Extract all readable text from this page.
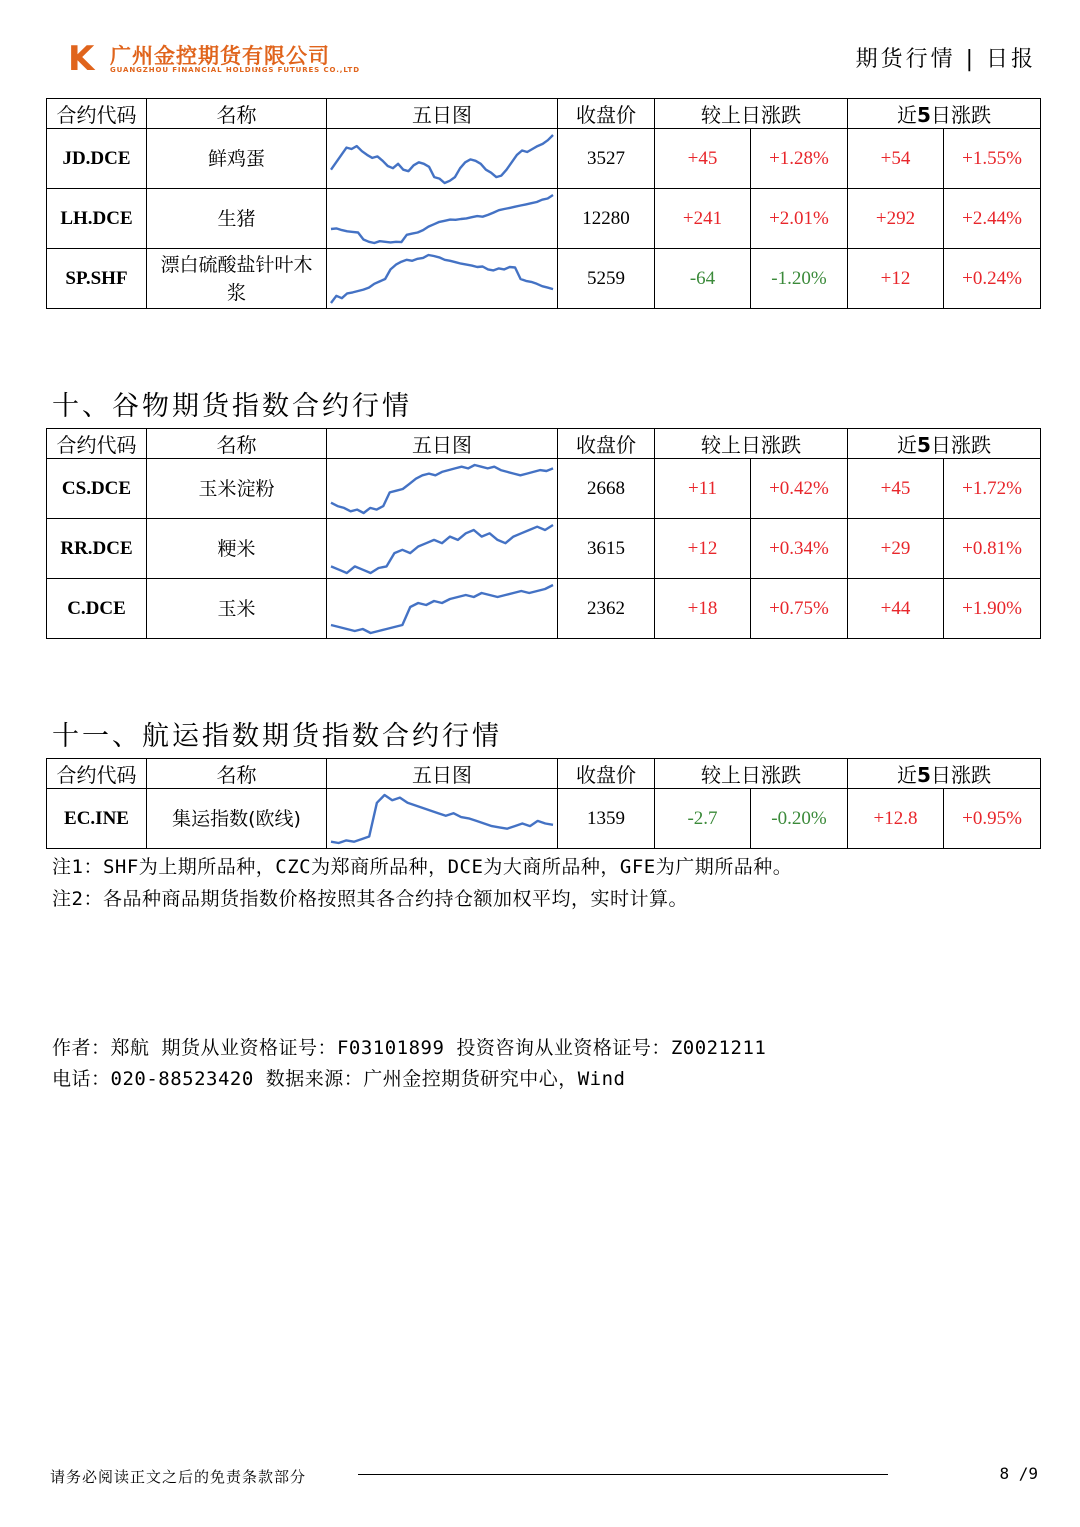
K 广州金控期货有限公司
GUANGZHOU FINANCIAL HOLDINGS FUTURES CO.,LTD	期货行情 | 日报
合约代码	名称	五日图	收盘价	较上日涨跌		近5日涨跌	
JD.DCE	鲜鸡蛋		3527	+45	+1.28%	+54	+1.55%
LH.DCE	生猪		12280	+241	+2.01%	+292	+2.44%
SP.SHF	漂白硫酸盐针叶木浆		5259	-64	-1.20%	+12	+0.24%
十、谷物期货指数合约行情
合约代码	名称	五日图	收盘价	较上日涨跌		近5日涨跌	
CS.DCE	玉米淀粉		2668	+11	+0.42%	+45	+1.72%
RR.DCE	粳米		3615	+12	+0.34%	+29	+0.81%
C.DCE	玉米		2362	+18	+0.75%	+44	+1.90%
十一、航运指数期货指数合约行情
合约代码	名称	五日图	收盘价	较上日涨跌		近5日涨跌	
EC.INE	集运指数(欧线)		1359	-2.7	-0.20%	+12.8	+0.95%
注1：SHF为上期所品种，CZC为郑商所品种，DCE为大商所品种，GFE为广期所品种。
注2：各品种商品期货指数价格按照其各合约持仓额加权平均，实时计算。
作者：郑航 期货从业资格证号：F03101899 投资咨询从业资格证号：Z0021211
电话：020-88523420 数据来源：广州金控期货研究中心，Wind
请务必阅读正文之后的免责条款部分	8 /9
